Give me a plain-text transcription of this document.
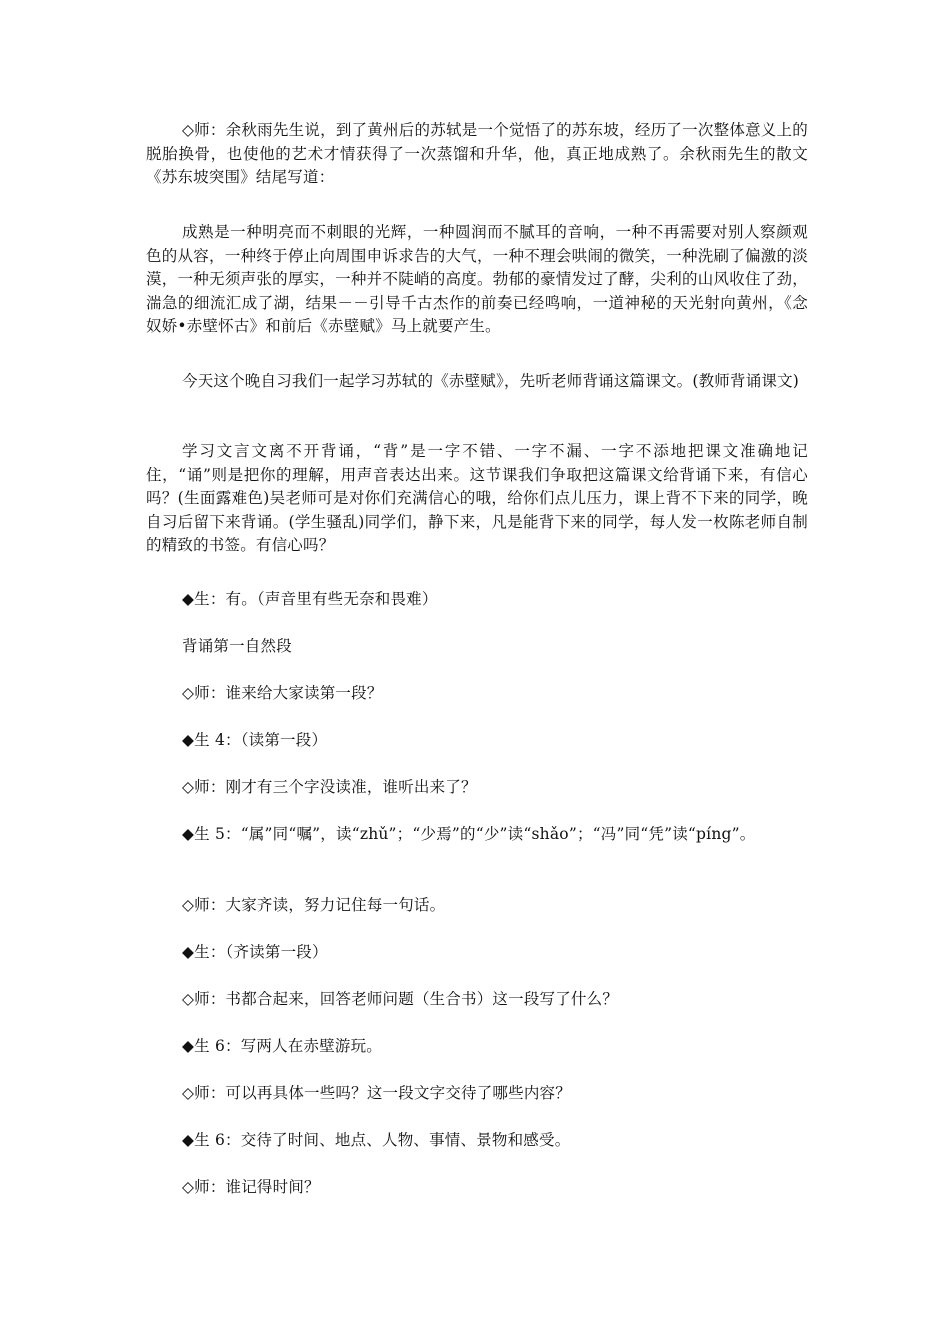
◇师：余秋雨先生说，到了黄州后的苏轼是一个觉悟了的苏东坡，经历了一次整体意义上的脱胎换骨，也使他的艺术才情获得了一次蒸馏和升华，他，真正地成熟了。余秋雨先生的散文《苏东坡突围》结尾写道：

成熟是一种明亮而不刺眼的光辉，一种圆润而不腻耳的音响，一种不再需要对别人察颜观色的从容，一种终于停止向周围申诉求告的大气，一种不理会哄闹的微笑，一种洗刷了偏激的淡漠，一种无须声张的厚实，一种并不陡峭的高度。勃郁的豪情发过了酵，尖利的山风收住了劲，湍急的细流汇成了湖，结果－－引导千古杰作的前奏已经鸣响，一道神秘的天光射向黄州，《念奴娇•赤壁怀古》和前后《赤壁赋》马上就要产生。

今天这个晚自习我们一起学习苏轼的《赤壁赋》，先听老师背诵这篇课文。(教师背诵课文)

学习文言文离不开背诵，“背”是一字不错、一字不漏、一字不添地把课文准确地记住，“诵”则是把你的理解，用声音表达出来。这节课我们争取把这篇课文给背诵下来，有信心吗？(生面露难色)吴老师可是对你们充满信心的哦，给你们点儿压力，课上背不下来的同学，晚自习后留下来背诵。(学生骚乱)同学们，静下来，凡是能背下来的同学，每人发一枚陈老师自制的精致的书签。有信心吗？

◆生：有。（声音里有些无奈和畏难）

背诵第一自然段

◇师：谁来给大家读第一段？

◆生 4：（读第一段）

◇师：刚才有三个字没读准，谁听出来了？

◆生 5：“属”同“嘱”，读“zhǔ”；“少焉”的“少”读“shǎo”；“冯”同“凭”读“píng”。

◇师：大家齐读，努力记住每一句话。

◆生：（齐读第一段）

◇师：书都合起来，回答老师问题（生合书）这一段写了什么？

◆生 6：写两人在赤壁游玩。

◇师：可以再具体一些吗？这一段文字交待了哪些内容？

◆生 6：交待了时间、地点、人物、事情、景物和感受。

◇师：谁记得时间？
